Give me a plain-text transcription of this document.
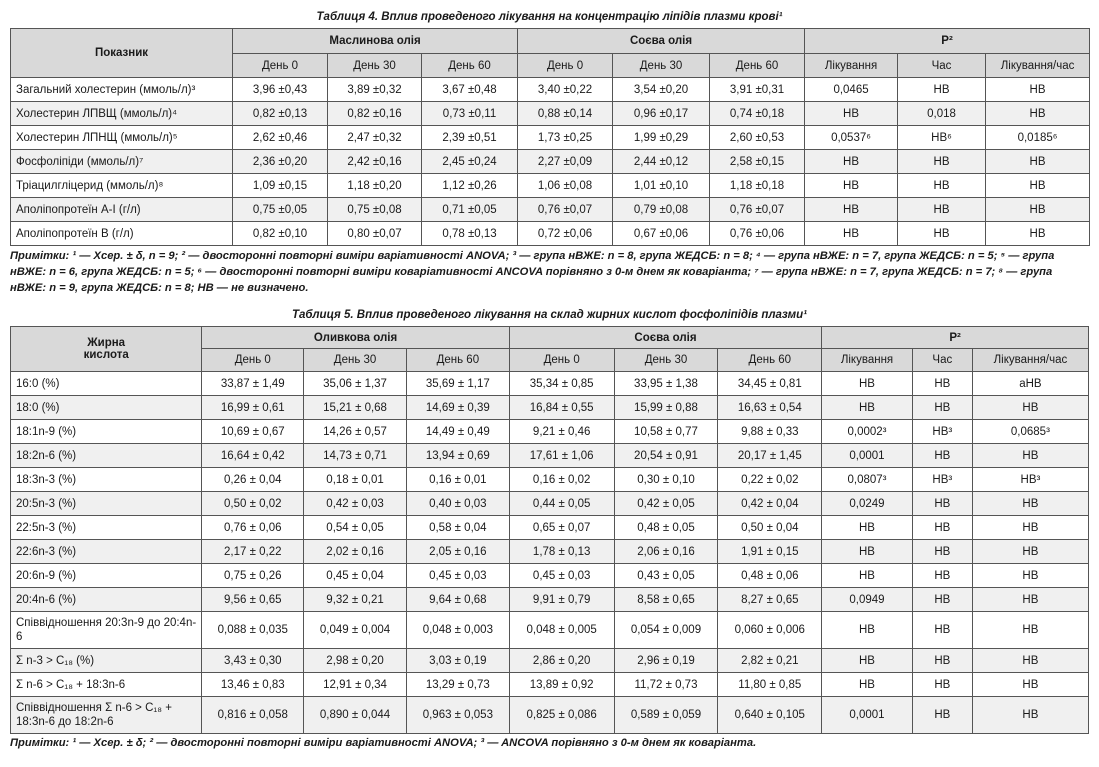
Таблиця 4. Вплив проведеного лікування на концентрацію ліпідів плазми крові¹
Показник	Маслинова олія			Соєва олія			P²		
	День 0	День 30	День 60	День 0	День 30	День 60	Лікування	Час	Лікування/час
Загальний холестерин (ммоль/л)³	3,96 ±0,43	3,89 ±0,32	3,67 ±0,48	3,40 ±0,22	3,54 ±0,20	3,91 ±0,31	0,0465	НВ	НВ
Холестерин ЛПВЩ (ммоль/л)⁴	0,82 ±0,13	0,82 ±0,16	0,73 ±0,11	0,88 ±0,14	0,96 ±0,17	0,74 ±0,18	НВ	0,018	НВ
Холестерин ЛПНЩ (ммоль/л)⁵	2,62 ±0,46	2,47 ±0,32	2,39 ±0,51	1,73 ±0,25	1,99 ±0,29	2,60 ±0,53	0,0537⁶	НВ⁶	0,0185⁶
Фосфоліпіди (ммоль/л)⁷	2,36 ±0,20	2,42 ±0,16	2,45 ±0,24	2,27 ±0,09	2,44 ±0,12	2,58 ±0,15	НВ	НВ	НВ
Тріацилгліцерид (ммоль/л)⁸	1,09 ±0,15	1,18 ±0,20	1,12 ±0,26	1,06 ±0,08	1,01 ±0,10	1,18 ±0,18	НВ	НВ	НВ
Аполіпопротеїн А-І (г/л)	0,75 ±0,05	0,75 ±0,08	0,71 ±0,05	0,76 ±0,07	0,79 ±0,08	0,76 ±0,07	НВ	НВ	НВ
Аполіпопротеїн В (г/л)	0,82 ±0,10	0,80 ±0,07	0,78 ±0,13	0,72 ±0,06	0,67 ±0,06	0,76 ±0,06	НВ	НВ	НВ
Примітки: ¹ — Хсер. ± δ, n = 9; ² — двосторонні повторні виміри варіативності ANOVA; ³ — група нВЖЕ: n = 8, група ЖЕДСБ: n = 8; ⁴ — група нВЖЕ: n = 7, група ЖЕДСБ: n = 5; ⁵ — група нВЖЕ: n = 6, група ЖЕДСБ: n = 5; ⁶ — двосторонні повторні виміри коваріативності ANCOVA порівняно з 0-м днем як коваріанта; ⁷ — група нВЖЕ: n = 7, група ЖЕДСБ: n = 7; ⁸ — група нВЖЕ: n = 9, група ЖЕДСБ: n = 8; НВ — не визначено.
Таблиця 5. Вплив проведеного лікування на склад жирних кислот фосфоліпідів плазми¹
Жирна
кислота	Оливкова олія			Соєва олія			P²		
	День 0	День 30	День 60	День 0	День 30	День 60	Лікування	Час	Лікування/час
16:0 (%)	33,87 ± 1,49	35,06 ± 1,37	35,69 ± 1,17	35,34 ± 0,85	33,95 ± 1,38	34,45 ± 0,81	НВ	НВ	аНВ
18:0 (%)	16,99 ± 0,61	15,21 ± 0,68	14,69 ± 0,39	16,84 ± 0,55	15,99 ± 0,88	16,63 ± 0,54	НВ	НВ	НВ
18:1n-9 (%)	10,69 ± 0,67	14,26 ± 0,57	14,49 ± 0,49	9,21 ± 0,46	10,58 ± 0,77	9,88 ± 0,33	0,0002³	НВ³	0,0685³
18:2n-6 (%)	16,64 ± 0,42	14,73 ± 0,71	13,94 ± 0,69	17,61 ± 1,06	20,54 ± 0,91	20,17 ± 1,45	0,0001	НВ	НВ
18:3n-3 (%)	0,26 ± 0,04	0,18 ± 0,01	0,16 ± 0,01	0,16 ± 0,02	0,30 ± 0,10	0,22 ± 0,02	0,0807³	НВ³	НВ³
20:5n-3 (%)	0,50 ± 0,02	0,42 ± 0,03	0,40 ± 0,03	0,44 ± 0,05	0,42 ± 0,05	0,42 ± 0,04	0,0249	НВ	НВ
22:5n-3 (%)	0,76 ± 0,06	0,54 ± 0,05	0,58 ± 0,04	0,65 ± 0,07	0,48 ± 0,05	0,50 ± 0,04	НВ	НВ	НВ
22:6n-3 (%)	2,17 ± 0,22	2,02 ± 0,16	2,05 ± 0,16	1,78 ± 0,13	2,06 ± 0,16	1,91 ± 0,15	НВ	НВ	НВ
20:6n-9 (%)	0,75 ± 0,26	0,45 ± 0,04	0,45 ± 0,03	0,45 ± 0,03	0,43 ± 0,05	0,48 ± 0,06	НВ	НВ	НВ
20:4n-6 (%)	9,56 ± 0,65	9,32 ± 0,21	9,64 ± 0,68	9,91 ± 0,79	8,58 ± 0,65	8,27 ± 0,65	0,0949	НВ	НВ
Співвідношення 20:3n-9 до 20:4n-6	0,088 ± 0,035	0,049 ± 0,004	0,048 ± 0,003	0,048 ± 0,005	0,054 ± 0,009	0,060 ± 0,006	НВ	НВ	НВ
Σ n-3 > C₁₈ (%)	3,43 ± 0,30	2,98 ± 0,20	3,03 ± 0,19	2,86 ± 0,20	2,96 ± 0,19	2,82 ± 0,21	НВ	НВ	НВ
Σ n-6 > C₁₈ + 18:3n-6	13,46 ± 0,83	12,91 ± 0,34	13,29 ± 0,73	13,89 ± 0,92	11,72 ± 0,73	11,80 ± 0,85	НВ	НВ	НВ
Співвідношення Σ n-6 > C₁₈ + 18:3n-6 до 18:2n-6	0,816 ± 0,058	0,890 ± 0,044	0,963 ± 0,053	0,825 ± 0,086	0,589 ± 0,059	0,640 ± 0,105	0,0001	НВ	НВ
Примітки: ¹ — Xсер. ± δ; ² — двосторонні повторні виміри варіативності ANOVA; ³ — ANCOVA порівняно з 0-м днем як коваріанта.
